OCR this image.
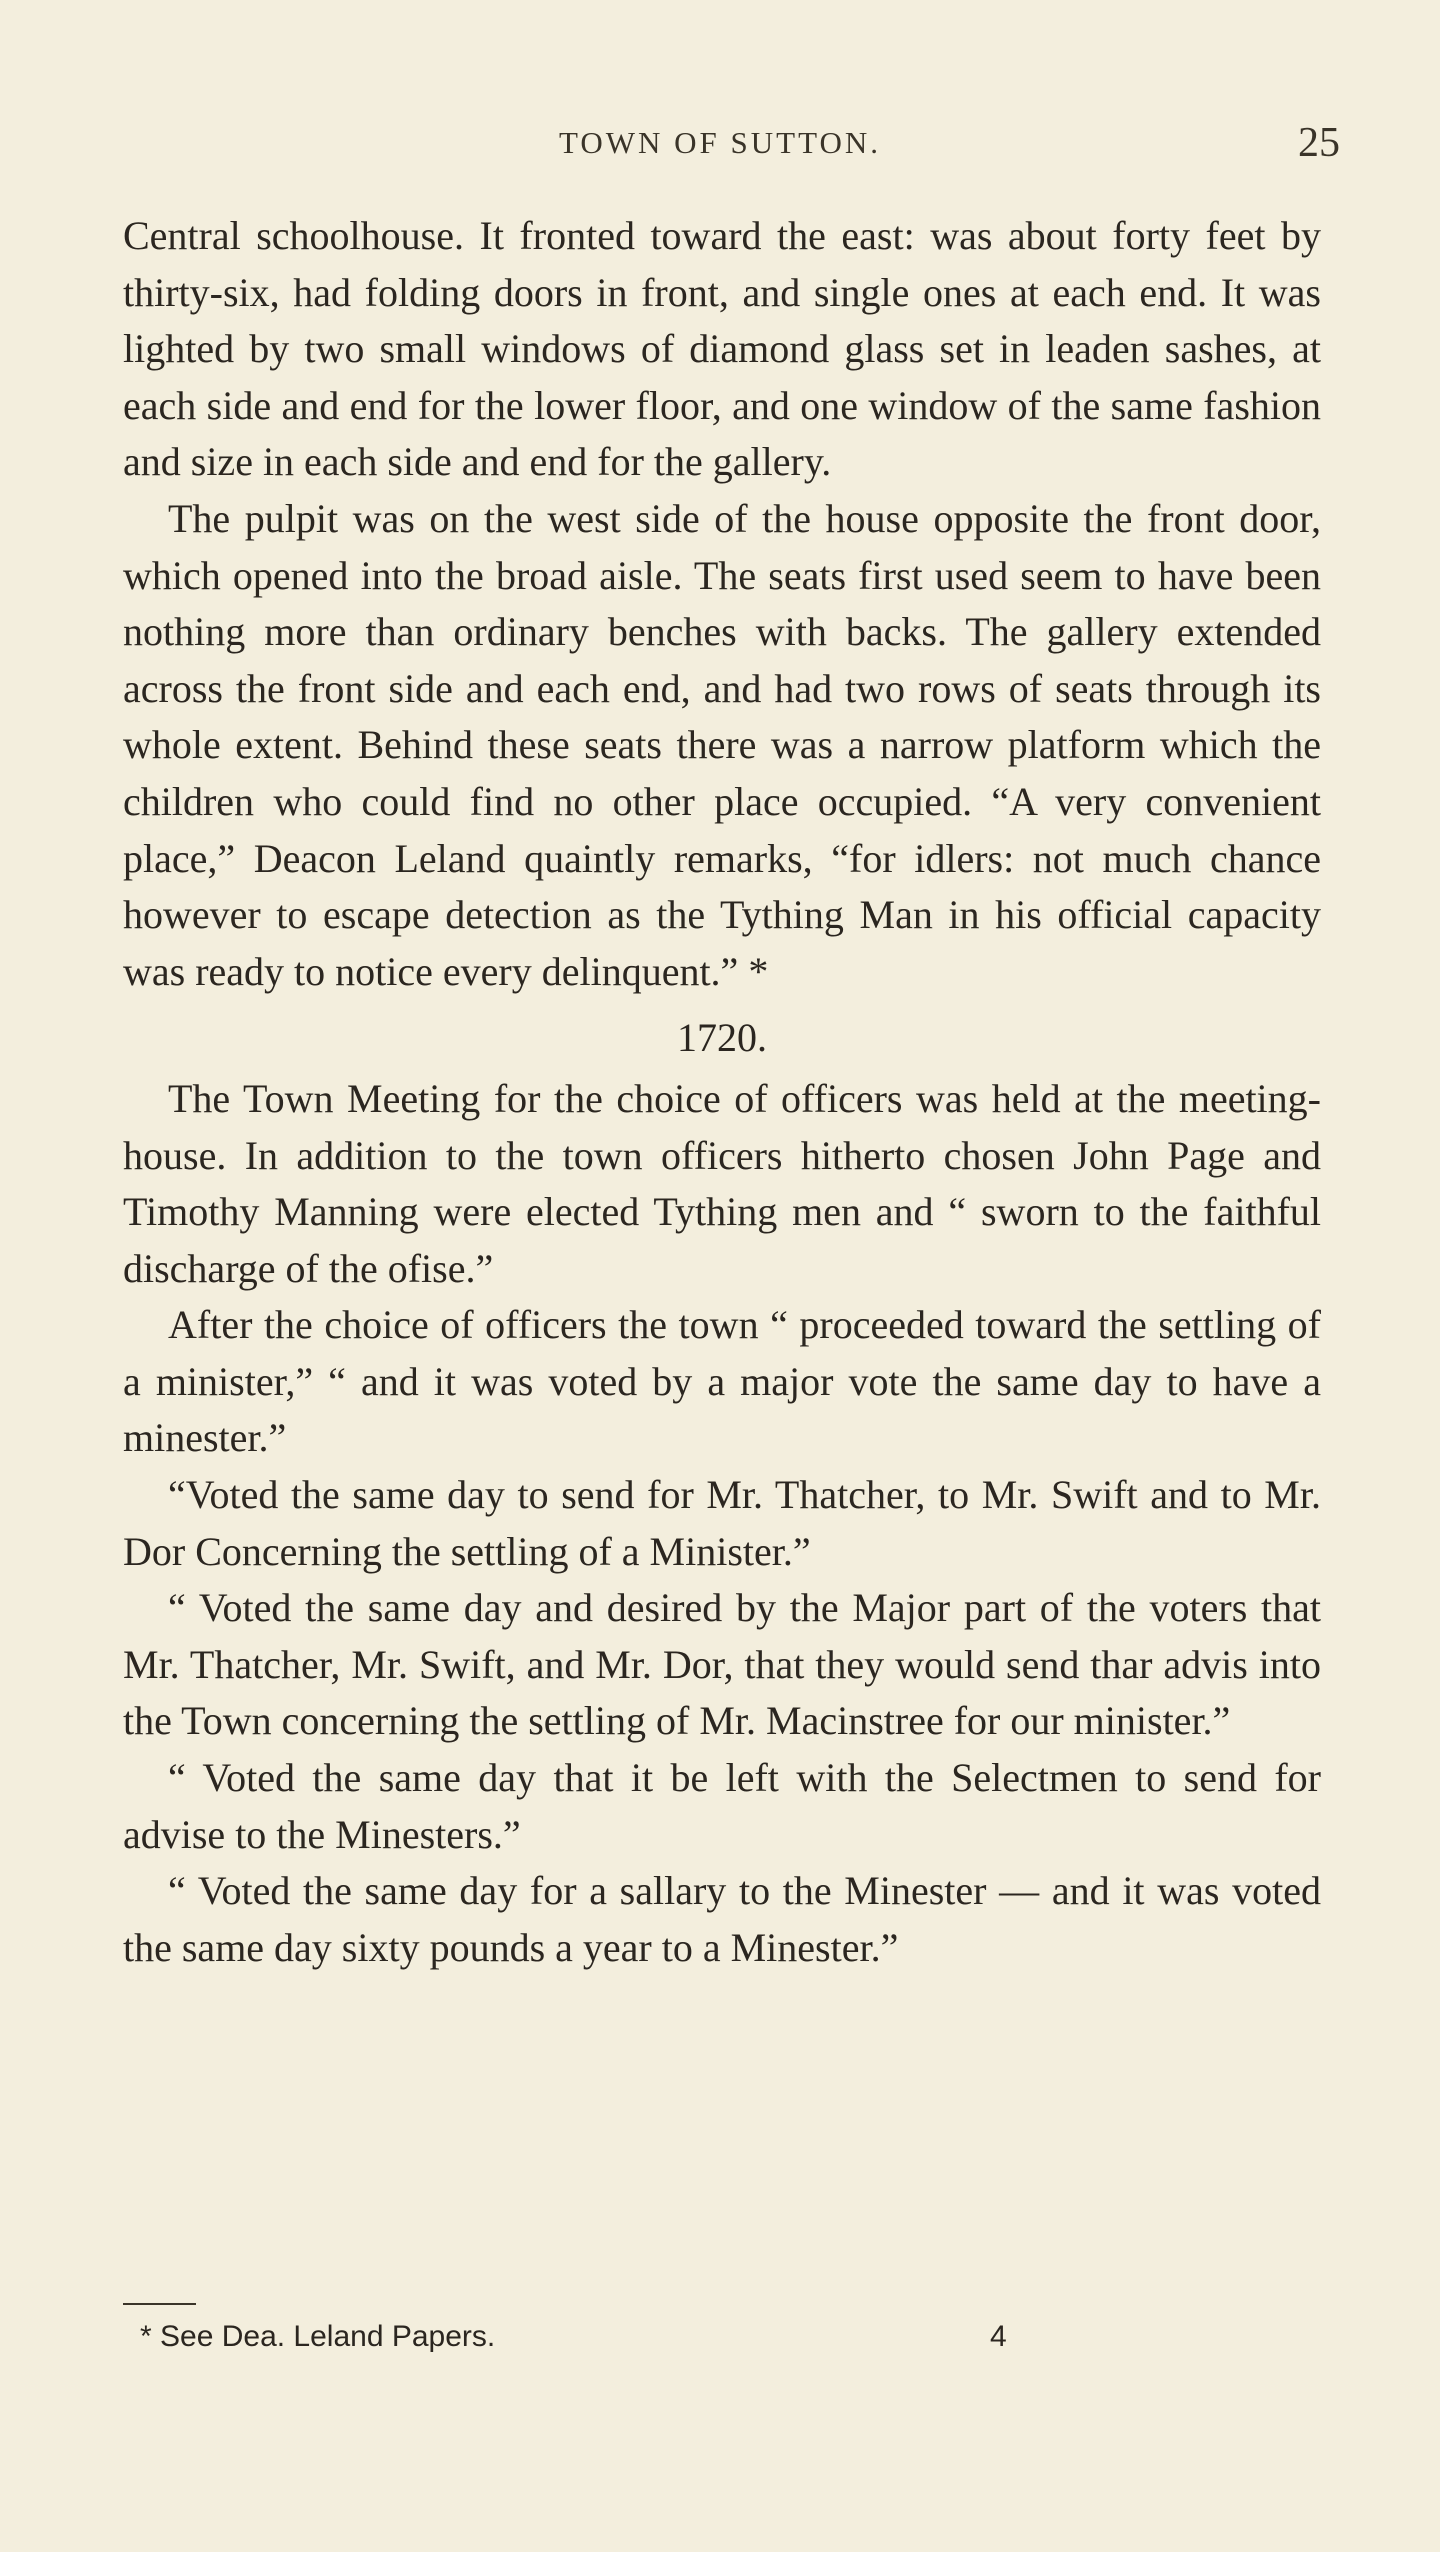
TOWN OF SUTTON.	25

Central schoolhouse. It fronted toward the east: was about forty feet by thirty-six, had folding doors in front, and single ones at each end. It was lighted by two small windows of diamond glass set in leaden sashes, at each side and end for the lower floor, and one window of the same fashion and size in each side and end for the gallery.

The pulpit was on the west side of the house opposite the front door, which opened into the broad aisle. The seats first used seem to have been nothing more than ordinary benches with backs. The gallery extended across the front side and each end, and had two rows of seats through its whole extent. Behind these seats there was a narrow platform which the children who could find no other place occupied. “A very convenient place,” Deacon Leland quaintly remarks, “for idlers: not much chance however to escape detection as the Tything Man in his official capacity was ready to notice every delinquent.” *

1720.

The Town Meeting for the choice of officers was held at the meeting-house. In addition to the town officers hitherto chosen John Page and Timothy Manning were elected Tything men and “ sworn to the faithful discharge of the ofise.”

After the choice of officers the town “ proceeded toward the settling of a minister,” “ and it was voted by a major vote the same day to have a minester.”

“Voted the same day to send for Mr. Thatcher, to Mr. Swift and to Mr. Dor Concerning the settling of a Minister.”

“ Voted the same day and desired by the Major part of the voters that Mr. Thatcher, Mr. Swift, and Mr. Dor, that they would send thar advis into the Town concerning the settling of Mr. Macinstree for our minister.”

“ Voted the same day that it be left with the Selectmen to send for advise to the Minesters.”

“ Voted the same day for a sallary to the Minester — and it was voted the same day sixty pounds a year to a Minester.”

* See Dea. Leland Papers.	4
